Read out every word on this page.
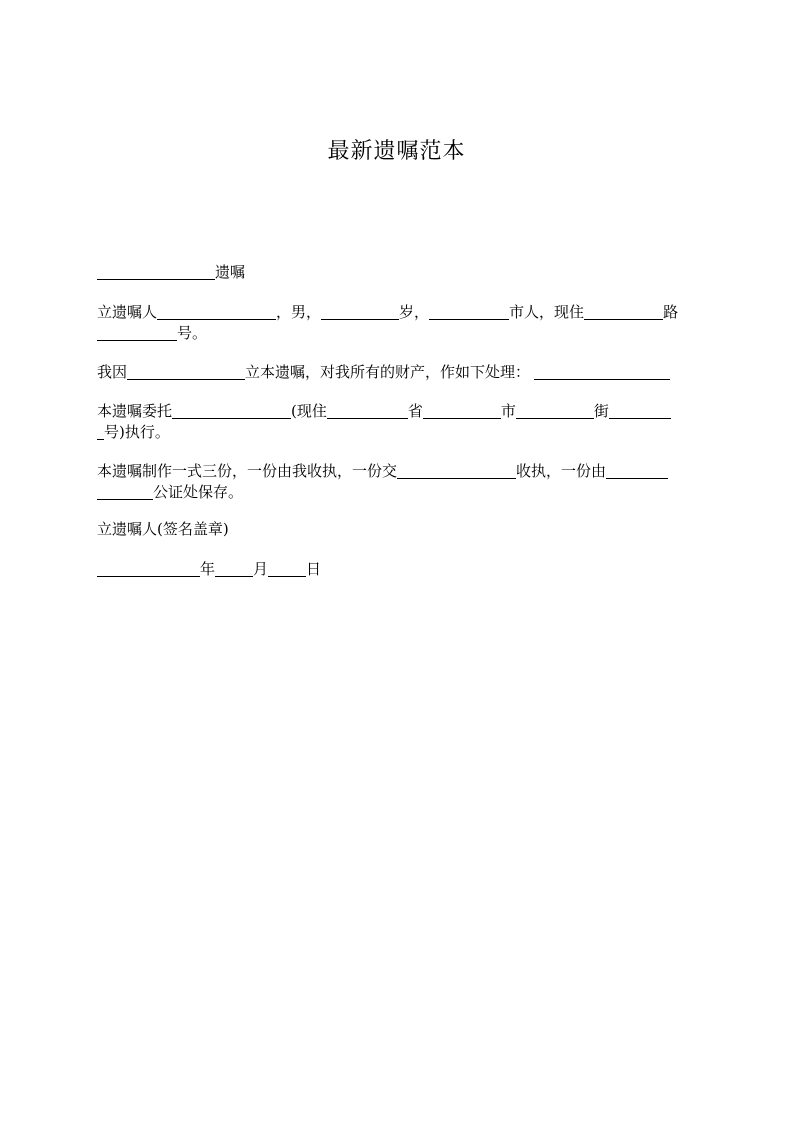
最新遗嘱范本
遗嘱
立遗嘱人	，男，	岁，	市人，现住	路
号。
我因	立本遗嘱，对我所有的财产，作如下处理：
本遗嘱委托	(现住	省	市	街
号)执行。
本遗嘱制作一式三份，一份由我收执，一份交	收执，一份由
公证处保存。
立遗嘱人(签名盖章)
年	月	日
